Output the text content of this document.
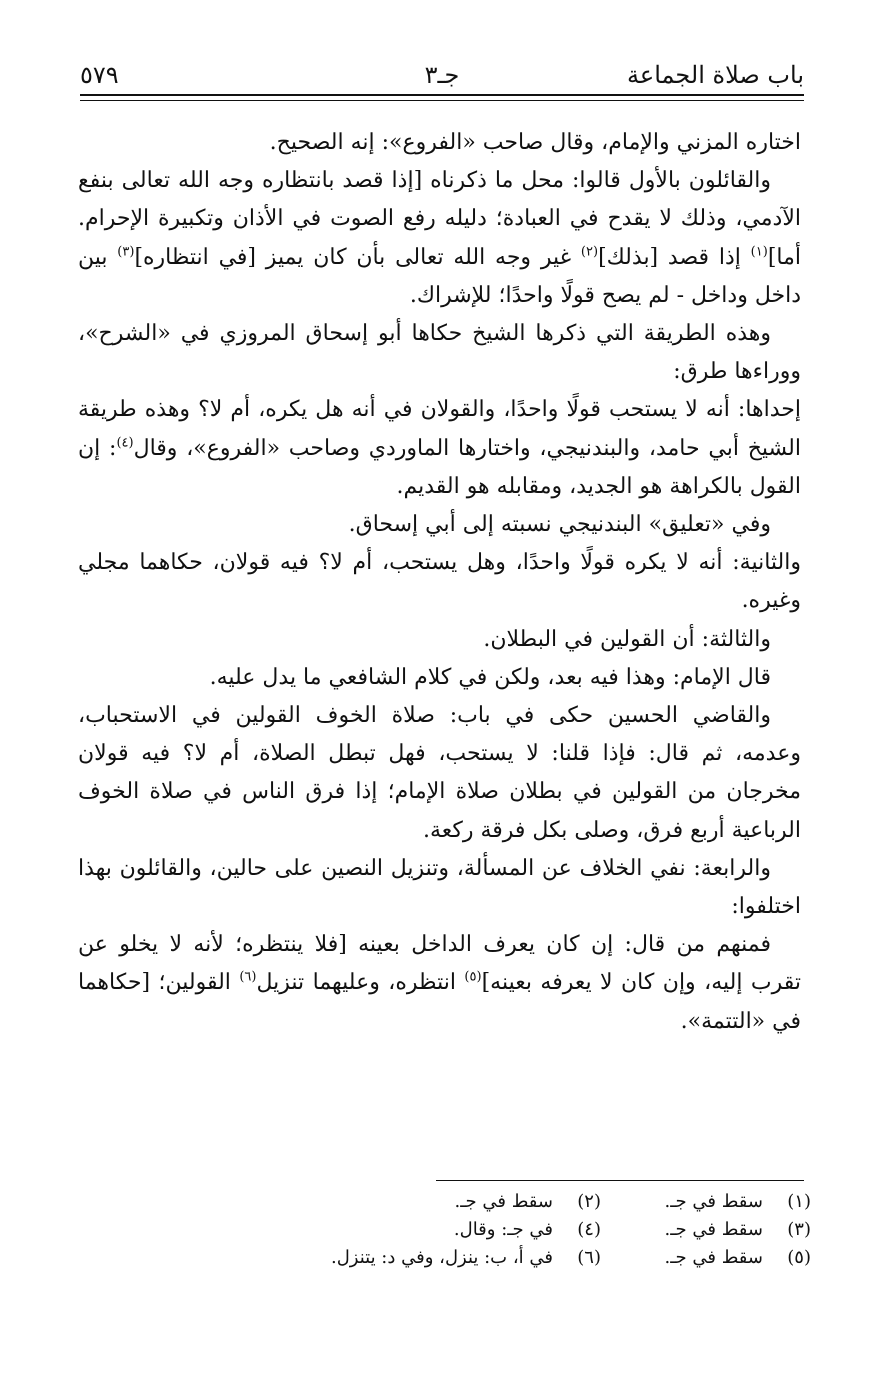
باب صلاة الجماعة
جـ٣
٥٧٩

اختاره المزني والإمام، وقال صاحب «الفروع»: إنه الصحيح.

والقائلون بالأول قالوا: محل ما ذكرناه [إذا قصد بانتظاره وجه الله تعالى بنفع الآدمي، وذلك لا يقدح في العبادة؛ دليله رفع الصوت في الأذان وتكبيرة الإحرام. أما]$^{(١)}$ إذا قصد [بذلك]$^{(٢)}$ غير وجه الله تعالى بأن كان يميز [في انتظاره]$^{(٣)}$ بين داخل وداخل - لم يصح قولًا واحدًا؛ للإشراك.

وهذه الطريقة التي ذكرها الشيخ حكاها أبو إسحاق المروزي في «الشرح»، ووراءها طرق:

إحداها: أنه لا يستحب قولًا واحدًا، والقولان في أنه هل يكره، أم لا؟ وهذه طريقة الشيخ أبي حامد، والبندنيجي، واختارها الماوردي وصاحب «الفروع»، وقال$^{(٤)}$: إن القول بالكراهة هو الجديد، ومقابله هو القديم.

وفي «تعليق» البندنيجي نسبته إلى أبي إسحاق.

والثانية: أنه لا يكره قولًا واحدًا، وهل يستحب، أم لا؟ فيه قولان، حكاهما مجلي وغيره.

والثالثة: أن القولين في البطلان.

قال الإمام: وهذا فيه بعد، ولكن في كلام الشافعي ما يدل عليه.

والقاضي الحسين حكى في باب: صلاة الخوف القولين في الاستحباب، وعدمه، ثم قال: فإذا قلنا: لا يستحب، فهل تبطل الصلاة، أم لا؟ فيه قولان مخرجان من القولين في بطلان صلاة الإمام؛ إذا فرق الناس في صلاة الخوف الرباعية أربع فرق، وصلى بكل فرقة ركعة.

والرابعة: نفي الخلاف عن المسألة، وتنزيل النصين على حالين، والقائلون بهذا اختلفوا:

فمنهم من قال: إن كان يعرف الداخل بعينه [فلا ينتظره؛ لأنه لا يخلو عن تقرب إليه، وإن كان لا يعرفه بعينه]$^{(٥)}$ انتظره، وعليهما تنزيل$^{(٦)}$ القولين؛ [حكاهما في «التتمة».

(١)
سقط في جـ.
(٢)
سقط في جـ.
(٣)
سقط في جـ.
(٤)
في جـ: وقال.
(٥)
سقط في جـ.
(٦)
في أ، ب: ينزل، وفي د: يتنزل.
